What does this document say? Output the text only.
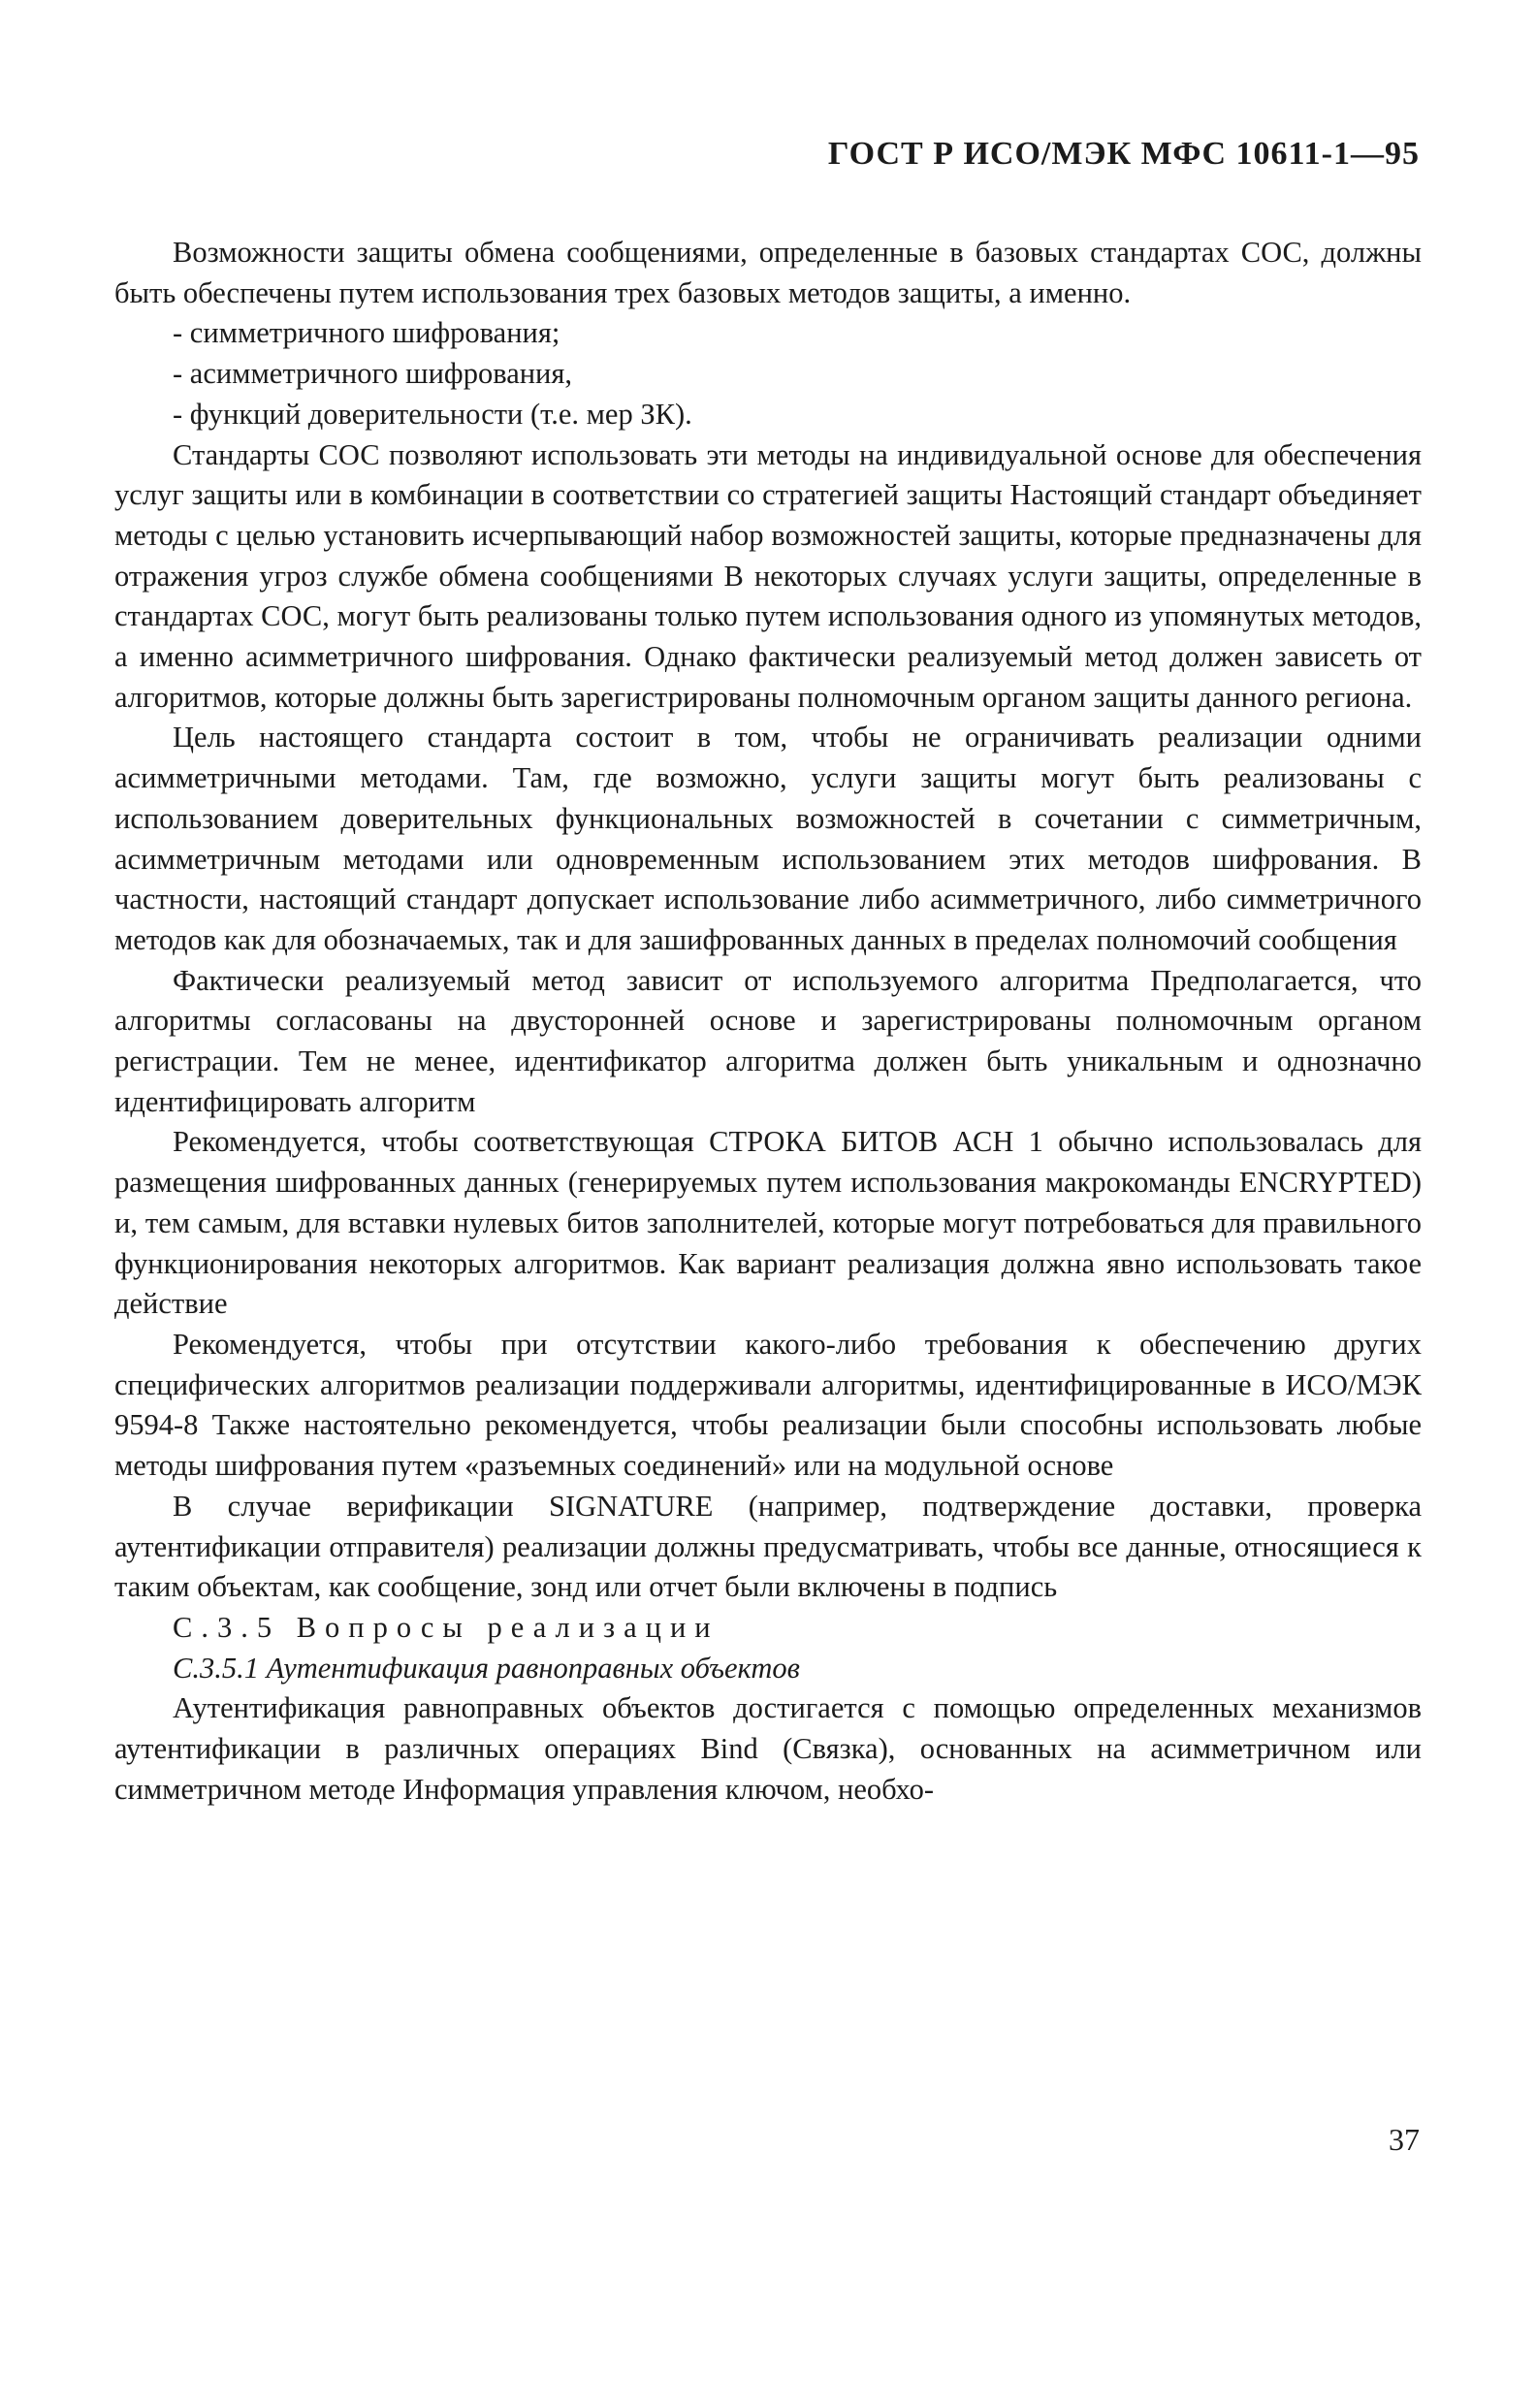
ГОСТ Р ИСО/МЭК МФС 10611-1—95

Возможности защиты обмена сообщениями, определенные в базовых стандартах СОС, должны быть обеспечены путем использования трех базовых методов защиты, а именно.

- симметричного шифрования;
- асимметричного шифрования,
- функций доверительности (т.е. мер ЗК).

Стандарты СОС позволяют использовать эти методы на индивидуальной основе для обеспечения услуг защиты или в комбинации в соответствии со стратегией защиты Настоящий стандарт объединяет методы с целью установить исчерпывающий набор возможностей защиты, которые предназначены для отражения угроз службе обмена сообщениями В некоторых случаях услуги защиты, определенные в стандартах СОС, могут быть реализованы только путем использования одного из упомянутых методов, а именно асимметричного шифрования. Однако фактически реализуемый метод должен зависеть от алгоритмов, которые должны быть зарегистрированы полномочным органом защиты данного региона.

Цель настоящего стандарта состоит в том, чтобы не ограничивать реализации одними асимметричными методами. Там, где возможно, услуги защиты могут быть реализованы с использованием доверительных функциональных возможностей в сочетании с симметричным, асимметричным методами или одновременным использованием этих методов шифрования. В частности, настоящий стандарт допускает использование либо асимметричного, либо симметричного методов как для обозначаемых, так и для зашифрованных данных в пределах полномочий сообщения

Фактически реализуемый метод зависит от используемого алгоритма Предполагается, что алгоритмы согласованы на двусторонней основе и зарегистрированы полномочным органом регистрации. Тем не менее, идентификатор алгоритма должен быть уникальным и однозначно идентифицировать алгоритм

Рекомендуется, чтобы соответствующая СТРОКА БИТОВ АСН 1 обычно использовалась для размещения шифрованных данных (генерируемых путем использования макрокоманды ENCRYPTED) и, тем самым, для вставки нулевых битов заполнителей, которые могут потребоваться для правильного функционирования некоторых алгоритмов. Как вариант реализация должна явно использовать такое действие

Рекомендуется, чтобы при отсутствии какого-либо требования к обеспечению других специфических алгоритмов реализации поддерживали алгоритмы, идентифицированные в ИСО/МЭК 9594-8 Также настоятельно рекомендуется, чтобы реализации были способны использовать любые методы шифрования путем «разъемных соединений» или на модульной основе

В случае верификации SIGNATURE (например, подтверждение доставки, проверка аутентификации отправителя) реализации должны предусматривать, чтобы все данные, относящиеся к таким объектам, как сообщение, зонд или отчет были включены в подпись

С.3.5 Вопросы реализации
С.3.5.1 Аутентификация равноправных объектов

Аутентификация равноправных объектов достигается с помощью определенных механизмов аутентификации в различных операциях Bind (Связка), основанных на асимметричном или симметричном методе Информация управления ключом, необхо-

37
